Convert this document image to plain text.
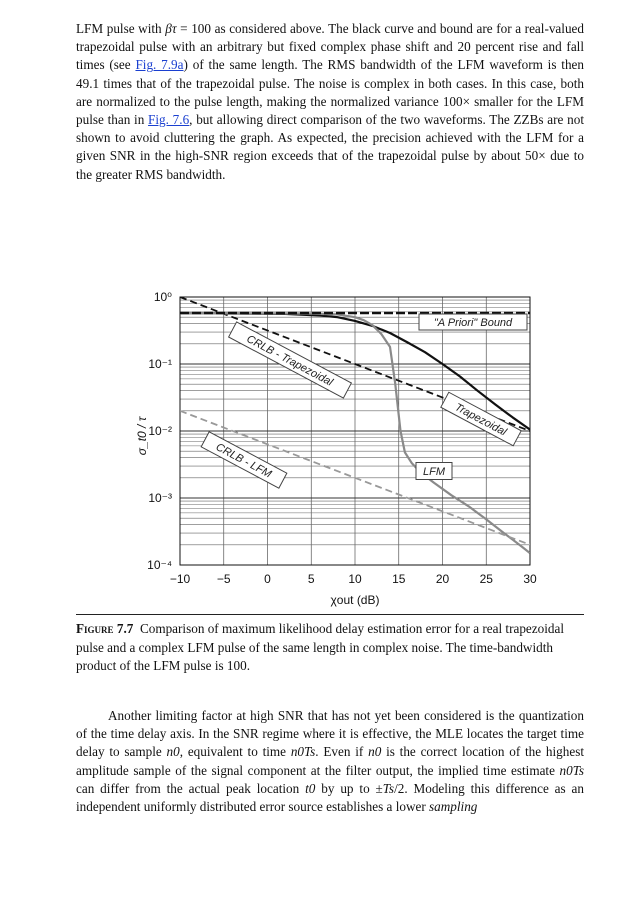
LFM pulse with βτ = 100 as considered above. The black curve and bound are for a real-valued trapezoidal pulse with an arbitrary but fixed complex phase shift and 20 percent rise and fall times (see Fig. 7.9a) of the same length. The RMS bandwidth of the LFM waveform is then 49.1 times that of the trapezoidal pulse. The noise is complex in both cases. In this case, both are normalized to the pulse length, making the normalized variance 100× smaller for the LFM pulse than in Fig. 7.6, but allowing direct comparison of the two waveforms. The ZZBs are not shown to avoid cluttering the graph. As expected, the precision achieved with the LFM for a given SNR in the high-SNR region exceeds that of the trapezoidal pulse by about 50× due to the greater RMS bandwidth.

−10 −5	0	5	10	15	20	25	30
10⁰
10⁻¹
10⁻²
10⁻³
10⁻⁴
"A Priori" Bound
CRLB - Trapezoidal
Trapezoidal
CRLB - LFM	LFM
σ_t0 / τ
χout (dB)

Figure 7.7 Comparison of maximum likelihood delay estimation error for a real trapezoidal pulse and a complex LFM pulse of the same length in complex noise. The time-bandwidth product of the LFM pulse is 100.

Another limiting factor at high SNR that has not yet been considered is the quantization of the time delay axis. In the SNR regime where it is effective, the MLE locates the target time delay to sample n0, equivalent to time n0Ts. Even if n0 is the correct location of the highest amplitude sample of the signal component at the filter output, the implied time estimate n0Ts can differ from the actual peak location t0 by up to ±Ts/2. Modeling this difference as an independent uniformly distributed error source establishes a lower sampling
